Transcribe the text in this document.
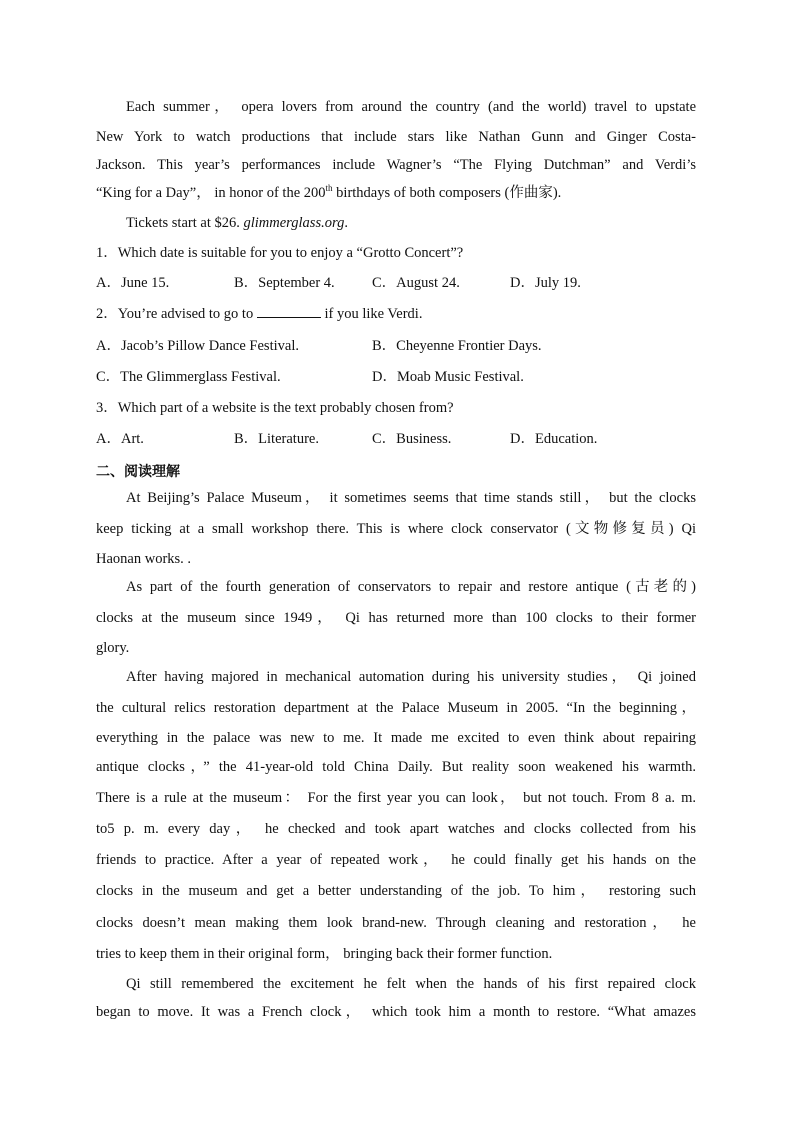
Each summer， opera lovers from around the country (and the world) travel to upstate
New York to watch productions that include stars like Nathan Gunn and Ginger Costa-
Jackson. This year’s performances include Wagner’s “The Flying Dutchman” and Verdi’s
“King for a Day”， in honor of the 200th birthdays of both composers (作曲家).
Tickets start at $26. glimmerglass.org.
1．Which date is suitable for you to enjoy a “Grotto Concert”?
A．June 15.	B．September 4.	C．August 24.	D．July 19.
2．You’re advised to go to	if you like Verdi.
A．Jacob’s Pillow Dance Festival.	B．Cheyenne Frontier Days.
C．The Glimmerglass Festival.	D．Moab Music Festival.
3．Which part of a website is the text probably chosen from?
A．Art.	B．Literature.	C．Business.	D．Education.
二、阅读理解
At Beijing’s Palace Museum， it sometimes seems that time stands still， but the clocks
keep ticking at a small workshop there. This is where clock conservator (文物修复员) Qi
Haonan works. .
As part of the fourth generation of conservators to repair and restore antique (古老的)
clocks at the museum since 1949， Qi has returned more than 100 clocks to their former
glory.
After having majored in mechanical automation during his university studies， Qi joined
the cultural relics restoration department at the Palace Museum in 2005. “In the beginning，
everything in the palace was new to me. It made me excited to even think about repairing
antique clocks，” the 41-year-old told China Daily. But reality soon weakened his warmth.
There is a rule at the museum： For the first year you can look， but not touch. From 8 a. m.
to5 p. m. every day， he checked and took apart watches and clocks collected from his
friends to practice. After a year of repeated work， he could finally get his hands on the
clocks in the museum and get a better understanding of the job. To him， restoring such
clocks doesn’t mean making them look brand-new. Through cleaning and restoration， he
tries to keep them in their original form， bringing back their former function.
Qi still remembered the excitement he felt when the hands of his first repaired clock
began to move. It was a French clock， which took him a month to restore. “What amazes
